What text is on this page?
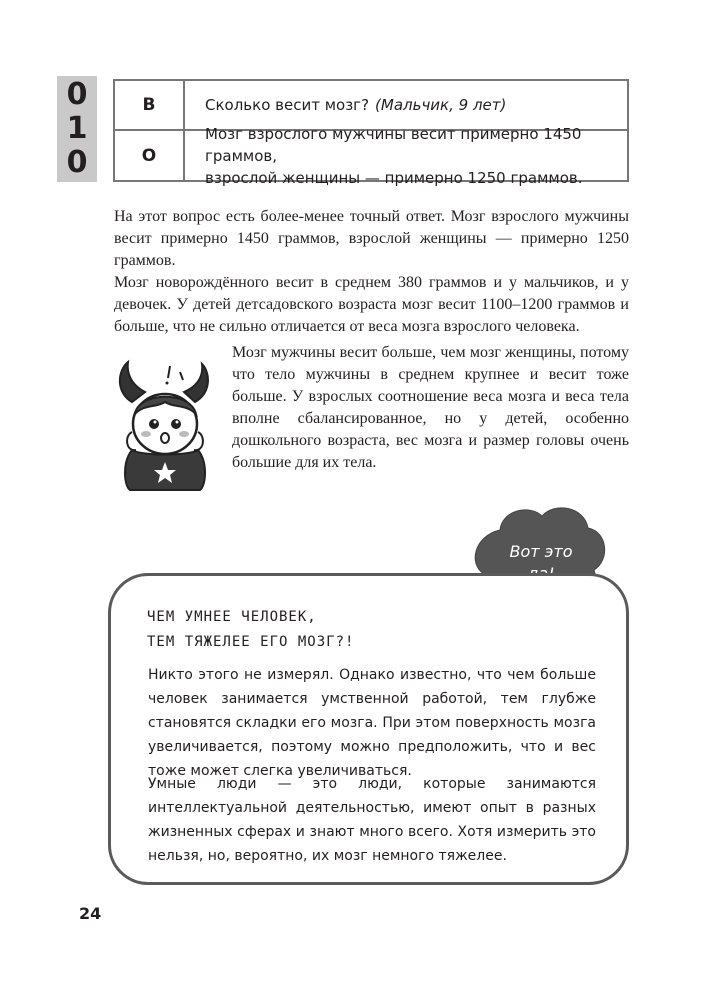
0
1
0
В	Сколько весит мозг? (Мальчик, 9 лет)
О
Мозг взрослого мужчины весит примерно 1450 граммов,
взрослой женщины — примерно 1250 граммов.

На этот вопрос есть более-менее точный ответ. Мозг взрослого мужчины весит примерно 1450 граммов, взрослой женщины — примерно 1250 граммов.

Мозг новорождённого весит в среднем 380 граммов и у мальчиков, и у девочек. У детей детсадовского возраста мозг весит 1100–1200 граммов и больше, что не сильно отличается от веса мозга взрослого человека.

Мозг мужчины весит больше, чем мозг женщины, потому что тело мужчины в среднем крупнее и весит тоже больше. У взрослых соотношение веса мозга и веса тела вполне сбалансированное, но у детей, особенно дошкольного возраста, вес мозга и размер головы очень большие для их тела.

Вот это
ЧЕМ УМНЕЕ ЧЕЛОВЕК,
ТЕМ ТЯЖЕЛЕЕ ЕГО МОЗГ?!

Никто этого не измерял. Однако известно, что чем больше человек занимается умственной работой, тем глубже становятся складки его мозга. При этом поверхность мозга увеличивается, поэтому можно предположить, что и вес тоже может слегка увеличиваться.

Умные люди — это люди, которые занимаются интеллектуальной деятельностью, имеют опыт в разных жизненных сферах и знают много всего. Хотя измерить это нельзя, но, вероятно, их мозг немного тяжелее.

24
